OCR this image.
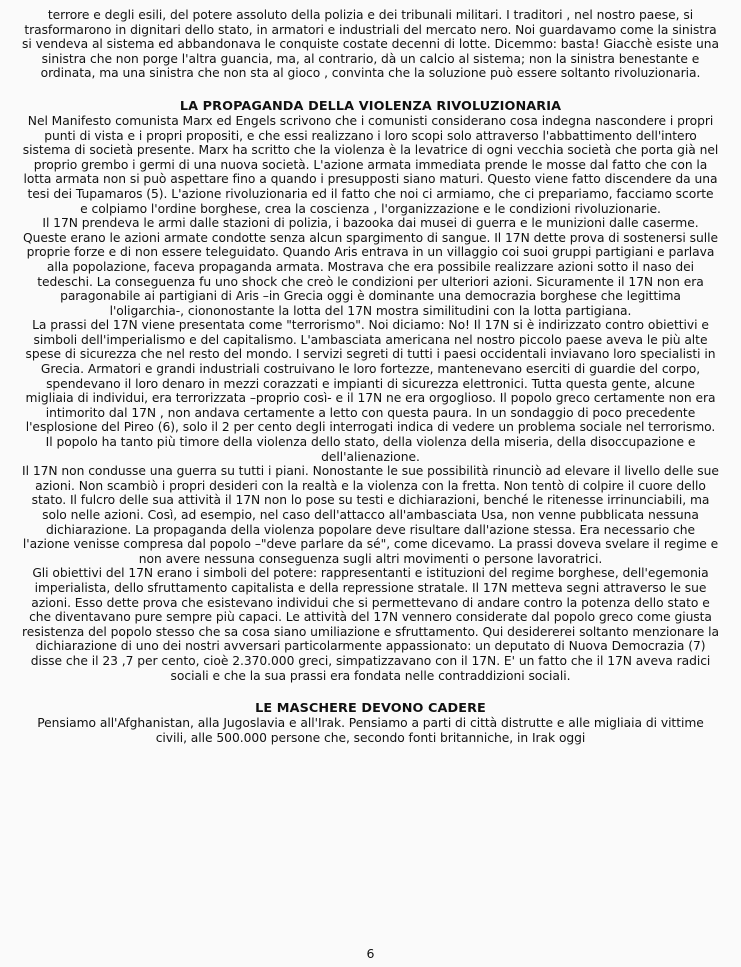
terrore e degli esili, del potere assoluto della polizia e dei tribunali militari. I traditori , nel nostro paese, si trasformarono in dignitari dello stato, in armatori e industriali del mercato nero. Noi guardavamo come la sinistra si vendeva al sistema ed abbandonava le conquiste costate decenni di lotte. Dicemmo: basta! Giacchè esiste una sinistra che non porge l'altra guancia, ma, al contrario, dà un calcio al sistema; non la sinistra benestante e ordinata, ma una sinistra che non sta al gioco , convinta che la soluzione può essere soltanto rivoluzionaria.

LA PROPAGANDA DELLA VIOLENZA RIVOLUZIONARIA

Nel Manifesto comunista Marx ed Engels scrivono che i comunisti considerano cosa indegna nascondere i propri punti di vista e i propri propositi, e che essi realizzano i loro scopi solo attraverso l'abbattimento dell'intero sistema di società presente. Marx ha scritto che la violenza è la levatrice di ogni vecchia società che porta già nel proprio grembo i germi di una nuova società. L'azione armata immediata prende le mosse dal fatto che con la lotta armata non si può aspettare fino a quando i presupposti siano maturi. Questo viene fatto discendere da una tesi dei Tupamaros (5). L'azione rivoluzionaria ed il fatto che noi ci armiamo, che ci prepariamo, facciamo scorte e colpiamo l'ordine borghese, crea la coscienza , l'organizzazione e le condizioni rivoluzionarie.

Il 17N prendeva le armi dalle stazioni di polizia, i bazooka dai musei di guerra e le munizioni dalle caserme. Queste erano le azioni armate condotte senza alcun spargimento di sangue. Il 17N dette prova di sostenersi sulle proprie forze e di non essere teleguidato. Quando Aris entrava in un villaggio coi suoi gruppi partigiani e parlava alla popolazione, faceva propaganda armata. Mostrava che era possibile realizzare azioni sotto il naso dei tedeschi. La conseguenza fu uno shock che creò le condizioni per ulteriori azioni. Sicuramente il 17N non era paragonabile ai partigiani di Aris –in Grecia oggi è dominante una democrazia borghese che legittima l'oligarchia-, ciononostante la lotta del 17N mostra similitudini con la lotta partigiana.

La prassi del 17N viene presentata come "terrorismo". Noi diciamo: No! Il 17N si è indirizzato contro obiettivi e simboli dell'imperialismo e del capitalismo. L'ambasciata americana nel nostro piccolo paese aveva le più alte spese di sicurezza che nel resto del mondo. I servizi segreti di tutti i paesi occidentali inviavano loro specialisti in Grecia. Armatori e grandi industriali costruivano le loro fortezze, mantenevano eserciti di guardie del corpo, spendevano il loro denaro in mezzi corazzati e impianti di sicurezza elettronici. Tutta questa gente, alcune migliaia di individui, era terrorizzata –proprio così- e il 17N ne era orgoglioso. Il popolo greco certamente non era intimorito dal 17N , non andava certamente a letto con questa paura. In un sondaggio di poco precedente l'esplosione del Pireo (6), solo il 2 per cento degli interrogati indica di vedere un problema sociale nel terrorismo. Il popolo ha tanto più timore della violenza dello stato, della violenza della miseria, della disoccupazione e dell'alienazione.

Il 17N non condusse una guerra su tutti i piani. Nonostante le sue possibilità rinunciò ad elevare il livello delle sue azioni. Non scambiò i propri desideri con la realtà e la violenza con la fretta. Non tentò di colpire il cuore dello stato. Il fulcro delle sua attività il 17N non lo pose su testi e dichiarazioni, benché le ritenesse irrinunciabili, ma solo nelle azioni. Così, ad esempio, nel caso dell'attacco all'ambasciata Usa, non venne pubblicata nessuna dichiarazione. La propaganda della violenza popolare deve risultare dall'azione stessa. Era necessario che l'azione venisse compresa dal popolo –"deve parlare da sé", come dicevamo. La prassi doveva svelare il regime e non avere nessuna conseguenza sugli altri movimenti o persone lavoratrici.

Gli obiettivi del 17N erano i simboli del potere: rappresentanti e istituzioni del regime borghese, dell'egemonia imperialista, dello sfruttamento capitalista e della repressione stratale. Il 17N metteva segni attraverso le sue azioni. Esso dette prova che esistevano individui che si permettevano di andare contro la potenza dello stato e che diventavano pure sempre più capaci. Le attività del 17N vennero considerate dal popolo greco come giusta resistenza del popolo stesso che sa cosa siano umiliazione e sfruttamento. Qui desidererei soltanto menzionare la dichiarazione di uno dei nostri avversari particolarmente appassionato: un deputato di Nuova Democrazia (7) disse che il 23 ,7 per cento, cioè 2.370.000 greci, simpatizzavano con il 17N. E' un fatto che il 17N aveva radici sociali e che la sua prassi era fondata nelle contraddizioni sociali.

LE MASCHERE DEVONO CADERE

Pensiamo all'Afghanistan, alla Jugoslavia e all'Irak. Pensiamo a parti di città distrutte e alle migliaia di vittime civili, alle 500.000 persone che, secondo fonti britanniche, in Irak oggi

6
